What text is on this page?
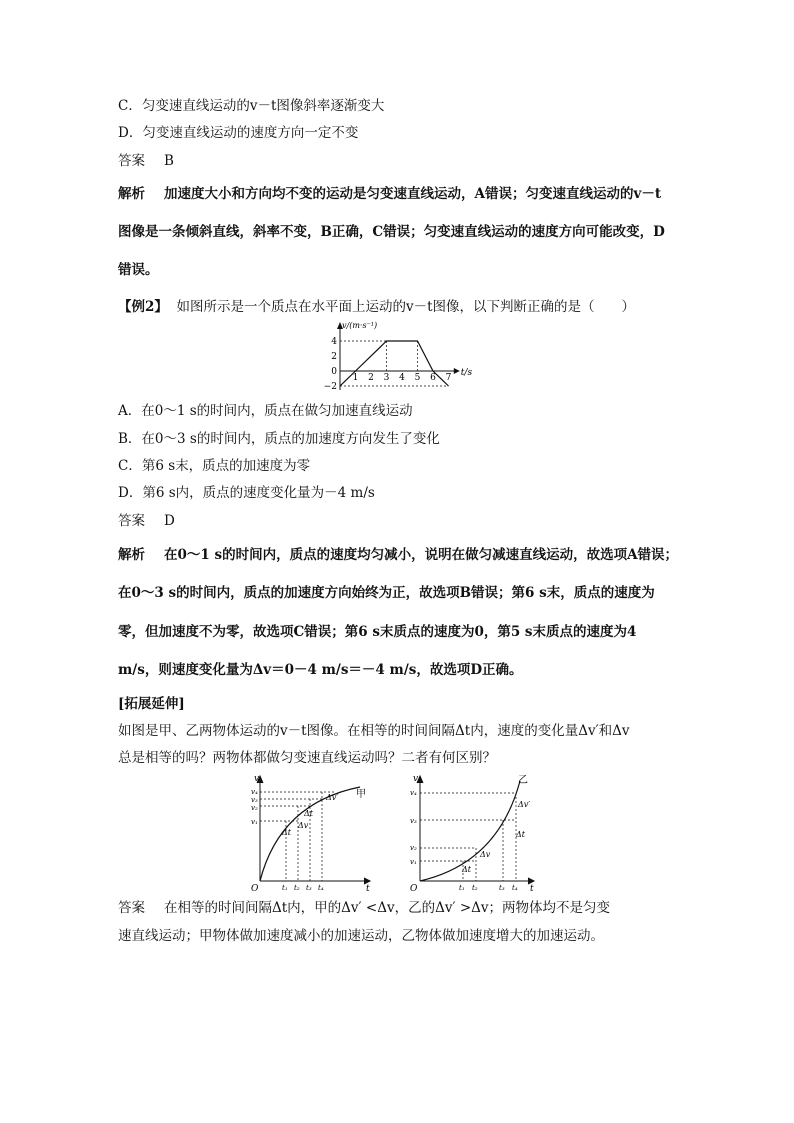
C．匀变速直线运动的v－t图像斜率逐渐变大
D．匀变速直线运动的速度方向一定不变
答案 B
解析 加速度大小和方向均不变的运动是匀变速直线运动，A错误；匀变速直线运动的v－t
图像是一条倾斜直线，斜率不变，B正确，C错误；匀变速直线运动的速度方向可能改变，D
错误。
【例2】 如图所示是一个质点在水平面上运动的v－t图像，以下判断正确的是（　　）
4
2
0
−2
1 2 3 4 5 6 7
v/(m·s⁻¹)
t/s
A．在0～1 s的时间内，质点在做匀加速直线运动
B．在0～3 s的时间内，质点的加速度方向发生了变化
C．第6 s末，质点的加速度为零
D．第6 s内，质点的速度变化量为－4 m/s
答案 D
解析 在0～1 s的时间内，质点的速度均匀减小，说明在做匀减速直线运动，故选项A错误；
在0～3 s的时间内，质点的加速度方向始终为正，故选项B错误；第6 s末，质点的速度为
零，但加速度不为零，故选项C错误；第6 s末质点的速度为0，第5 s末质点的速度为4
m/s，则速度变化量为Δv＝0－4 m/s＝－4 m/s，故选项D正确。
[拓展延伸]
如图是甲、乙两物体运动的v－t图像。在相等的时间间隔Δt内，速度的变化量Δv′和Δv
总是相等的吗？两物体都做匀变速直线运动吗？二者有何区别？
v
t
O
v₄
v₃
v₂
v₁
t₁ t₂ t₃ t₄
Δv′ 甲
Δt
Δt
Δv
v
t
O
v₄
v₃
v₂
v₁
t₁ t₂	t₃ t₄
乙
Δv′
Δt
Δv
Δt
答案 在相等的时间间隔Δt内，甲的Δv′ <Δv，乙的Δv′ >Δv；两物体均不是匀变
速直线运动；甲物体做加速度减小的加速运动，乙物体做加速度增大的加速运动。
